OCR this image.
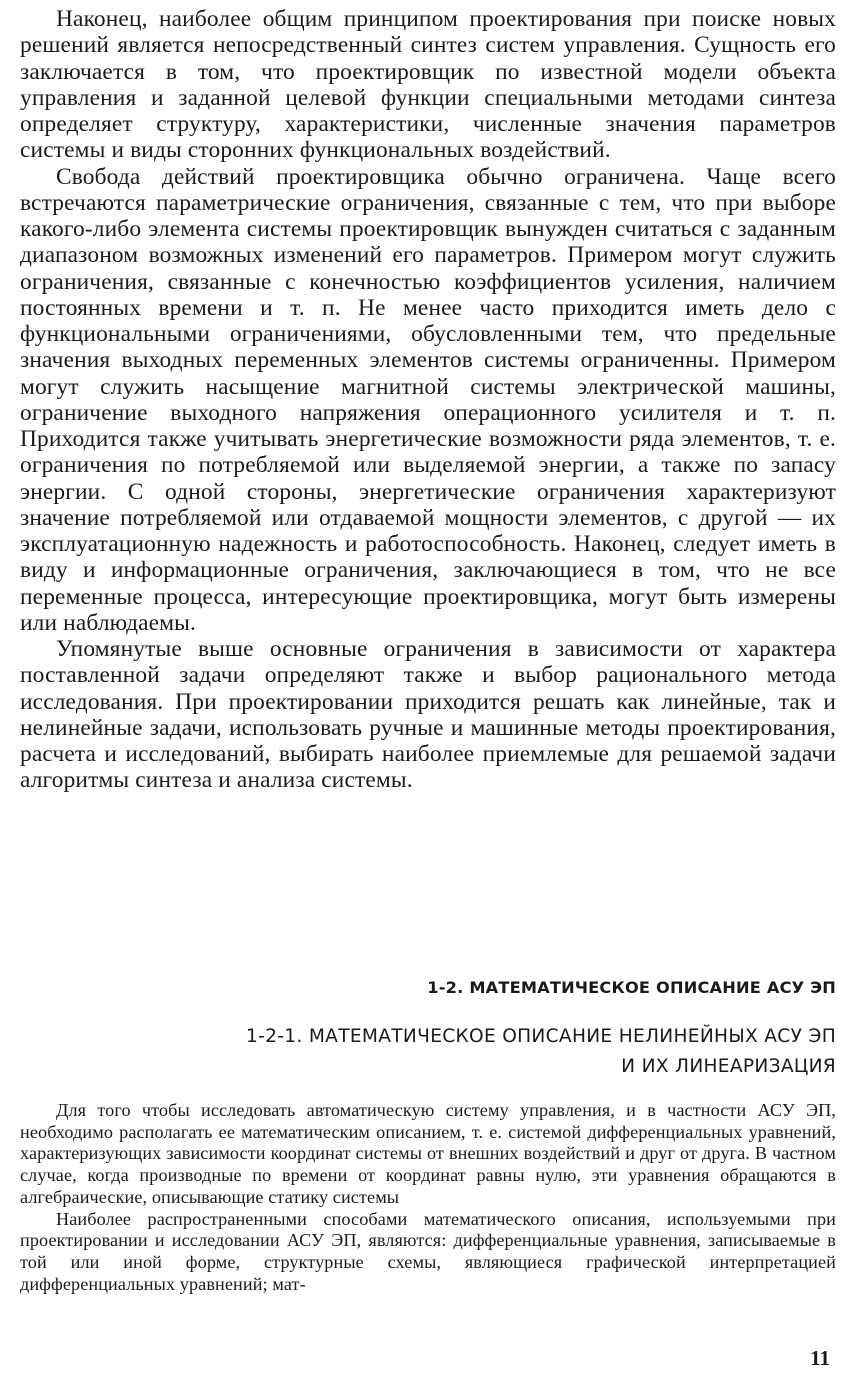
Наконец, наиболее общим принципом проектирования при поиске новых решений является непосредственный синтез систем управления. Сущность его заключается в том, что проектировщик по известной модели объекта управления и заданной целевой функции специальными методами синтеза определяет структуру, характеристики, численные значения параметров системы и виды сторонних функциональных воздействий.

Свобода действий проектировщика обычно ограничена. Чаще всего встречаются параметрические ограничения, связанные с тем, что при выборе какого-либо элемента системы проектировщик вынужден считаться с заданным диапазоном возможных изменений его параметров. Примером могут служить ограничения, связанные с конечностью коэффициентов усиления, наличием постоянных времени и т. п. Не менее часто приходится иметь дело с функциональными ограничениями, обусловленными тем, что предельные значения выходных переменных элементов системы ограниченны. Примером могут служить насыщение магнитной системы электрической машины, ограничение выходного напряжения операционного усилителя и т. п. Приходится также учитывать энергетические возможности ряда элементов, т. е. ограничения по потребляемой или выделяемой энергии, а также по запасу энергии. С одной стороны, энергетические ограничения характеризуют значение потребляемой или отдаваемой мощности элементов, с другой — их эксплуатационную надежность и работоспособность. Наконец, следует иметь в виду и информационные ограничения, заключающиеся в том, что не все переменные процесса, интересующие проектировщика, могут быть измерены или наблюдаемы.

Упомянутые выше основные ограничения в зависимости от характера поставленной задачи определяют также и выбор рационального метода исследования. При проектировании приходится решать как линейные, так и нелинейные задачи, использовать ручные и машинные методы проектирования, расчета и исследований, выбирать наиболее приемлемые для решаемой задачи алгоритмы синтеза и анализа системы.

1-2. МАТЕМАТИЧЕСКОЕ ОПИСАНИЕ АСУ ЭП
1-2-1. МАТЕМАТИЧЕСКОЕ ОПИСАНИЕ НЕЛИНЕЙНЫХ АСУ ЭП
И ИХ ЛИНЕАРИЗАЦИЯ

Для того чтобы исследовать автоматическую систему управления, и в частности АСУ ЭП, необходимо располагать ее математическим описанием, т. е. системой дифференциальных уравнений, характеризующих зависимости координат системы от внешних воздействий и друг от друга. В частном случае, когда производные по времени от координат равны нулю, эти уравнения обращаются в алгебраические, описывающие статику системы

Наиболее распространенными способами математического описания, используемыми при проектировании и исследовании АСУ ЭП, являются: дифференциальные уравнения, записываемые в той или иной форме, структурные схемы, являющиеся графической интерпретацией дифференциальных уравнений; мат-

11
